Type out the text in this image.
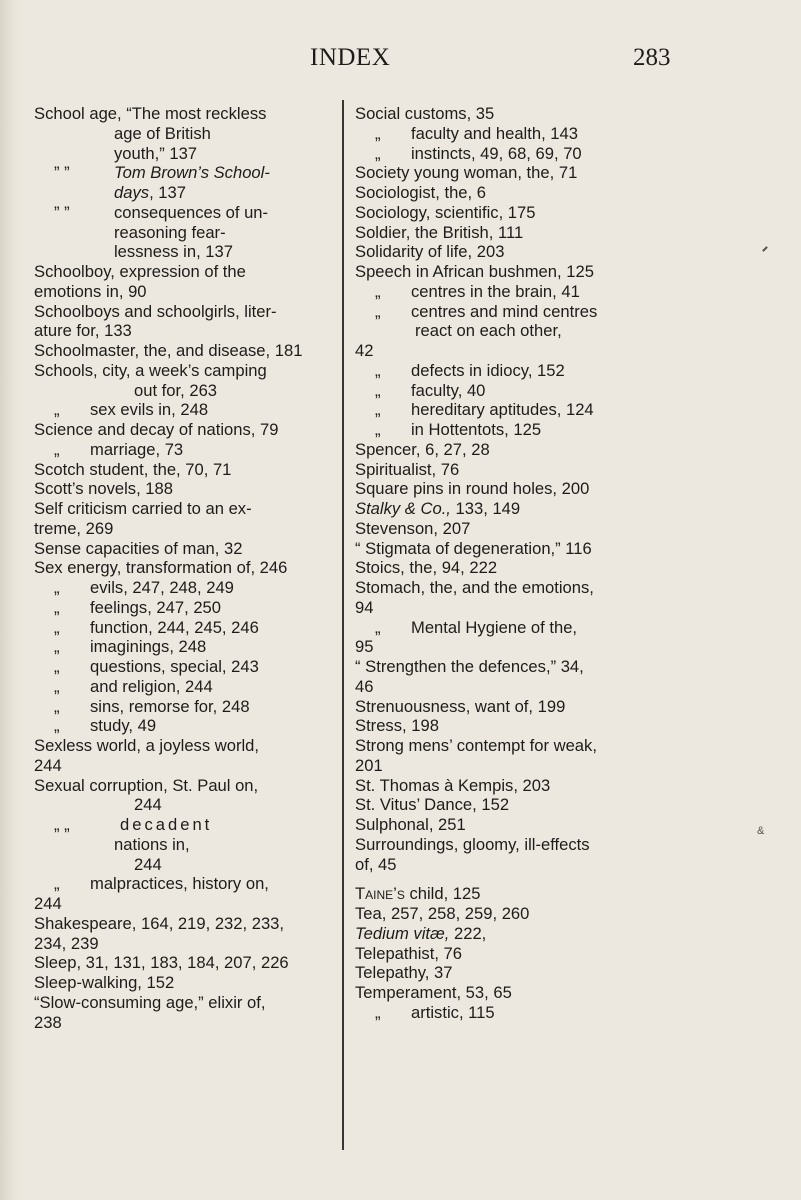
INDEX	283
School age, “The most reckless
age of British
youth,” 137
” ”	Tom Brown’s School-
days, 137
” ”	consequences of un-
reasoning fear-
lessness in, 137
Schoolboy, expression of the
emotions in, 90
Schoolboys and schoolgirls, liter-
ature for, 133
Schoolmaster, the, and disease, 181
Schools, city, a week’s camping
out for, 263
„ sex evils in, 248
Science and decay of nations, 79
„ marriage, 73
Scotch student, the, 70, 71
Scott’s novels, 188
Self criticism carried to an ex-
treme, 269
Sense capacities of man, 32
Sex energy, transformation of, 246
„ evils, 247, 248, 249
„ feelings, 247, 250
„ function, 244, 245, 246
„ imaginings, 248
„ questions, special, 243
„ and religion, 244
„ sins, remorse for, 248
„ study, 49
Sexless world, a joyless world,
244
Sexual corruption, St. Paul on,
244
„ „	decadent
nations in,
244
„ malpractices, history on,
244
Shakespeare, 164, 219, 232, 233,
234, 239
Sleep, 31, 131, 183, 184, 207, 226
Sleep-walking, 152
“Slow-consuming age,” elixir of,
238
Social customs, 35
„ faculty and health, 143
„ instincts, 49, 68, 69, 70
Society young woman, the, 71
Sociologist, the, 6
Sociology, scientific, 175
Soldier, the British, 111
Solidarity of life, 203
Speech in African bushmen, 125
„ centres in the brain, 41
„ centres and mind centres
react on each other,
42
„ defects in idiocy, 152
„ faculty, 40
„ hereditary aptitudes, 124
„ in Hottentots, 125
Spencer, 6, 27, 28
Spiritualist, 76
Square pins in round holes, 200
Stalky & Co., 133, 149
Stevenson, 207
“ Stigmata of degeneration,” 116
Stoics, the, 94, 222
Stomach, the, and the emotions,
94
„ Mental Hygiene of the,
95
“ Strengthen the defences,” 34,
46
Strenuousness, want of, 199
Stress, 198
Strong mens’ contempt for weak,
201
St. Thomas à Kempis, 203
St. Vitus’ Dance, 152
Sulphonal, 251
Surroundings, gloomy, ill-effects
of, 45
Taine’s child, 125
Tea, 257, 258, 259, 260
Tedium vitæ, 222,
Telepathist, 76
Telepathy, 37
Temperament, 53, 65
„ artistic, 115
&
